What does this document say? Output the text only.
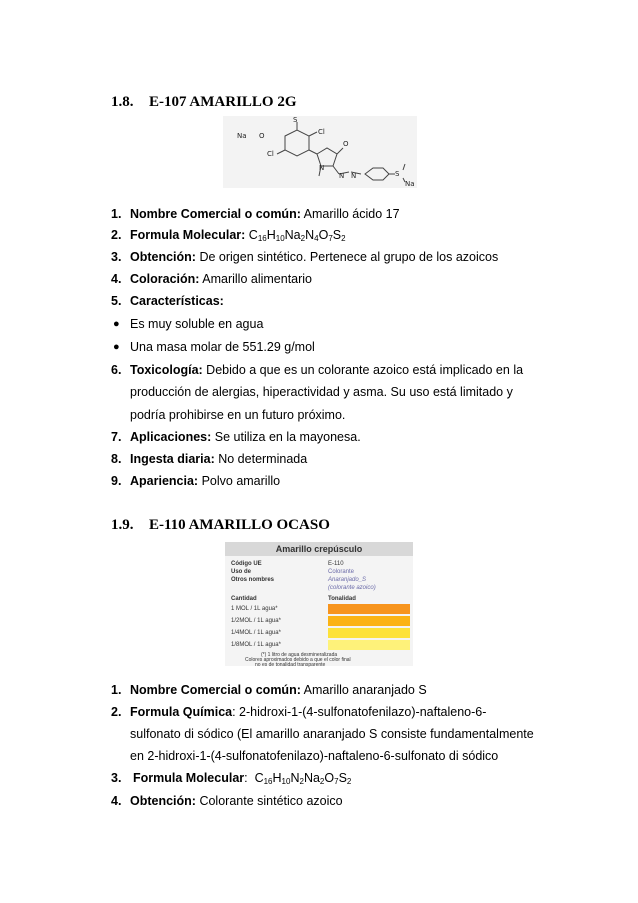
1.8. E-107 AMARILLO 2G
Na O
S
Cl
Cl
N
N N
O
S
Na
1. Nombre Comercial o común: Amarillo ácido 17
2. Formula Molecular: $C_{16}H_{10}Na_2N_4O_7S_2$
3. Obtención: De origen sintético. Pertenece al grupo de los azoicos
4. Coloración: Amarillo alimentario
5. Características:
● Es muy soluble en agua
● Una masa molar de 551.29 g/mol
6. Toxicología: Debido a que es un colorante azoico está implicado en la
producción de alergias, hiperactividad y asma. Su uso está limitado y
podría prohibirse en un futuro próximo.
7. Aplicaciones: Se utiliza en la mayonesa.
8. Ingesta diaria: No determinada
9. Apariencia: Polvo amarillo
1.9. E-110 AMARILLO OCASO
Amarillo crepúsculo
Código UE	E-110
Uso de	Colorante
Otros nombres	Anaranjado_S
(colorante azoico)
Cantidad	Tonalidad
1 MOL / 1L agua*
1/2MOL / 1L agua*
1/4MOL / 1L agua*
1/8MOL / 1L agua*
(*) 1 litro de agua desmineralizada
Colores aproximados debido a que el color final
no es de tonalidad transparente
1. Nombre Comercial o común: Amarillo anaranjado S
2. Formula Química: 2-hidroxi-1-(4-sulfonatofenilazo)-naftaleno-6-
sulfonato di sódico (El amarillo anaranjado S consiste fundamentalmente
en 2-hidroxi-1-(4-sulfonatofenilazo)-naftaleno-6-sulfonato di sódico
3. Formula Molecular: $C_{16}H_{10}N_2Na_2O_7S_2$
4. Obtención: Colorante sintético azoico
